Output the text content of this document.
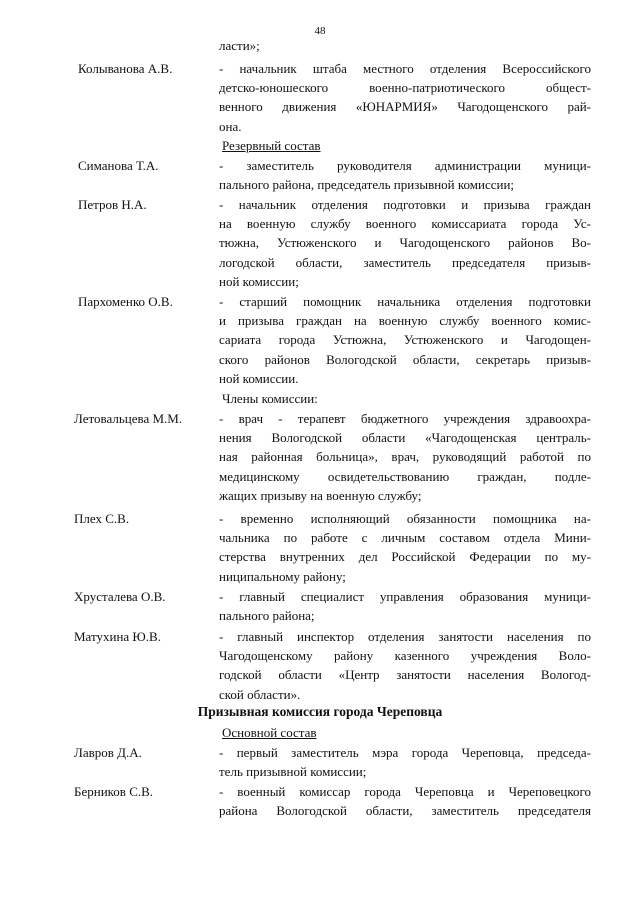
48
ласти»;
Колыванова А.В.	- начальник штаба местного отделения Всероссийского
детско-юношеского военно-патриотического общест-
венного движения «ЮНАРМИЯ» Чагодощенского рай-
она.
Резервный состав
Симанова Т.А.	- заместитель руководителя администрации муници-
пального района, председатель призывной комиссии;
Петров Н.А.	- начальник отделения подготовки и призыва граждан
на военную службу военного комиссариата города Ус-
тюжна, Устюженского и Чагодощенского районов Во-
логодской области, заместитель председателя призыв-
ной комиссии;
Пархоменко О.В.	- старший помощник начальника отделения подготовки
и призыва граждан на военную службу военного комис-
сариата города Устюжна, Устюженского и Чагодощен-
ского районов Вологодской области, секретарь призыв-
ной комиссии.
Члены комиссии:
Летовальцева М.М.	- врач - терапевт бюджетного учреждения здравоохра-
нения Вологодской области «Чагодощенская централь-
ная районная больница», врач, руководящий работой по
медицинскому освидетельствованию граждан, подле-
жащих призыву на военную службу;
Плех С.В.	- временно исполняющий обязанности помощника на-
чальника по работе с личным составом отдела Мини-
стерства внутренних дел Российской Федерации по му-
ниципальному району;
Хрусталева О.В.	- главный специалист управления образования муници-
пального района;
Матухина Ю.В.	- главный инспектор отделения занятости населения по
Чагодощенскому району казенного учреждения Воло-
годской области «Центр занятости населения Вологод-
ской области».
Призывная комиссия города Череповца
Основной состав
Лавров Д.А.	- первый заместитель мэра города Череповца, председа-
тель призывной комиссии;
Берников С.В.	- военный комиссар города Череповца и Череповецкого
района Вологодской области, заместитель председателя
